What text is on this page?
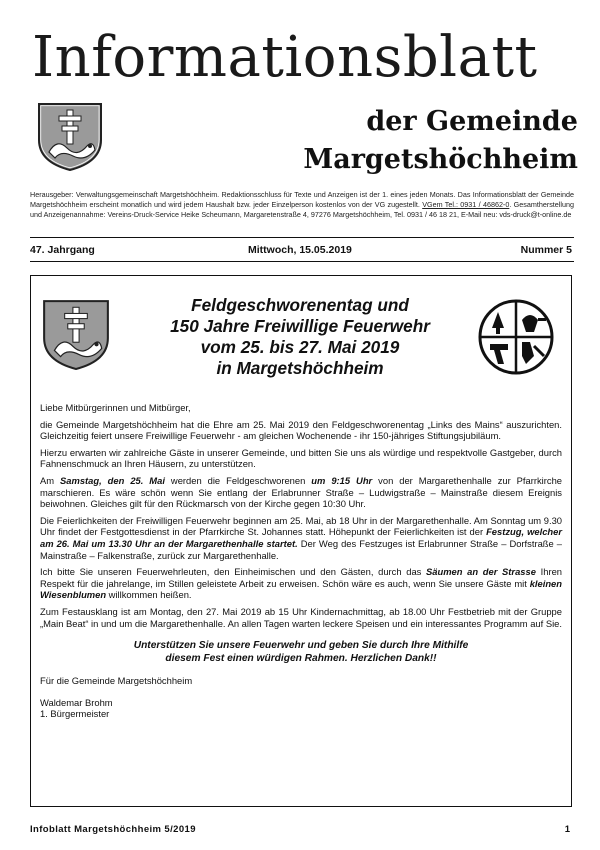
Informationsblatt
der Gemeinde
Margetshöchheim
Herausgeber: Verwaltungsgemeinschaft Margetshöchheim. Redaktionsschluss für Texte und Anzeigen ist der 1. eines jeden Monats. Das Informationsblatt der Gemeinde Margetshöchheim erscheint monatlich und wird jedem Haushalt bzw. jeder Einzelperson kostenlos von der VG zugestellt. VGem Tel.: 0931 / 46862-0. Gesamtherstellung und Anzeigenannahme: Vereins-Druck-Service Heike Scheumann, Margaretenstraße 4, 97276 Margetshöchheim, Tel. 0931 / 46 18 21, E-Mail neu: vds-druck@t-online.de
47. Jahrgang	Mittwoch, 15.05.2019	Nummer 5
Feldgeschworenentag und
150 Jahre Freiwillige Feuerwehr
vom 25. bis 27. Mai 2019
in Margetshöchheim

Liebe Mitbürgerinnen und Mitbürger,

die Gemeinde Margetshöchheim hat die Ehre am 25. Mai 2019 den Feldgeschworenentag „Links des Mains“ auszurichten. Gleichzeitig feiert unsere Freiwillige Feuerwehr - am gleichen Wochenende - ihr 150-jähriges Stiftungsjubiläum.

Hierzu erwarten wir zahlreiche Gäste in unserer Gemeinde, und bitten Sie uns als würdige und respektvolle Gastgeber, durch Fahnenschmuck an Ihren Häusern, zu unterstützen.

Am Samstag, den 25. Mai werden die Feldgeschworenen um 9:15 Uhr von der Margarethenhalle zur Pfarrkirche marschieren. Es wäre schön wenn Sie entlang der Erlabrunner Straße – Ludwigstraße – Mainstraße diesem Ereignis beiwohnen. Gleiches gilt für den Rückmarsch von der Kirche gegen 10:30 Uhr.

Die Feierlichkeiten der Freiwilligen Feuerwehr beginnen am 25. Mai, ab 18 Uhr in der Margarethenhalle. Am Sonntag um 9.30 Uhr findet der Festgottesdienst in der Pfarrkirche St. Johannes statt. Höhepunkt der Feierlichkeiten ist der Festzug, welcher am 26. Mai um 13.30 Uhr an der Margarethenhalle startet. Der Weg des Festzuges ist Erlabrunner Straße – Dorfstraße – Mainstraße – Falkenstraße, zurück zur Margarethenhalle.

Ich bitte Sie unseren Feuerwehrleuten, den Einheimischen und den Gästen, durch das Säumen an der Strasse Ihren Respekt für die jahrelange, im Stillen geleistete Arbeit zu erweisen. Schön wäre es auch, wenn Sie unsere Gäste mit kleinen Wiesenblumen willkommen heißen.

Zum Festausklang ist am Montag, den 27. Mai 2019 ab 15 Uhr Kindernachmittag, ab 18.00 Uhr Festbetrieb mit der Gruppe „Main Beat“ in und um die Margarethenhalle. An allen Tagen warten leckere Speisen und ein interessantes Programm auf Sie.

Unterstützen Sie unsere Feuerwehr und geben Sie durch Ihre Mithilfe
diesem Fest einen würdigen Rahmen. Herzlichen Dank!!

Für die Gemeinde Margetshöchheim

Waldemar Brohm
1. Bürgermeister
Infoblatt Margetshöchheim 5/2019	1
